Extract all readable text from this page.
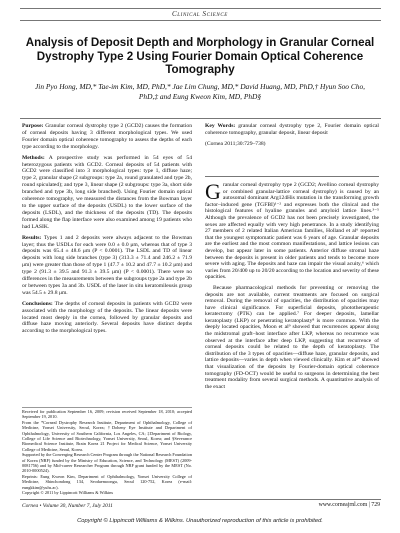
Clinical Science
Analysis of Deposit Depth and Morphology in Granular Corneal Dystrophy Type 2 Using Fourier Domain Optical Coherence Tomography
Jin Pyo Hong, MD,* Tae-im Kim, MD, PhD,* Jae Lim Chung, MD,* David Huang, MD, PhD,† Hyun Soo Cho, PhD,‡ and Eung Kweon Kim, MD, PhD§

Purpose: Granular corneal dystrophy type 2 (GCD2) causes the formation of corneal deposits having 3 different morphological types. We used Fourier domain optical coherence tomography to assess the depths of each type according to the morphology.

Methods: A prospective study was performed in 54 eyes of 54 heterozygous patients with GCD2. Corneal deposits of 54 patients with GCD2 were classified into 3 morphological types: type 1, diffuse haze; type 2, granular shape (2 subgroups: type 2a, round granulated and type 2b, round spiculated); and type 3, linear shape (2 subgroups: type 3a, short side branched and type 3b, long side branched). Using Fourier domain optical coherence tomography, we measured the distances from the Bowman layer to the upper surface of the deposits (USDL) to the lower surface of the deposits (LSDL), and the thickness of the deposits (TD). The deposits formed along the flap interface were also examined among 19 patients who had LASIK.

Results: Types 1 and 2 deposits were always adjacent to the Bowman layer; thus the USDLs for each were 0.0 ± 0.0 μm, whereas that of type 3 deposits was 65.4 ± 48.6 μm (P < 0.0001). The LSDL and TD of linear deposits with long side branches (type 3) (313.3 ± 71.4 and 246.2 ± 71.9 μm) were greater than those of type 1 (47.7 ± 10.2 and 47.7 ± 10.2 μm) and type 2 (91.3 ± 39.5 and 91.3 ± 39.5 μm) (P < 0.0001). There were no differences in the measurements between the subgroups type 2a and type 2b or between types 3a and 3b. USDL of the laser in situ keratomileusis group was 54.5 ± 29.8 μm.

Conclusions: The depths of corneal deposits in patients with GCD2 were associated with the morphology of the deposits. The linear deposits were located most deeply in the cornea, followed by granular deposits and diffuse haze moving anteriorly. Several deposits have distinct depths according to the morphological types.

Received for publication September 16, 2009; revision received September 18, 2010; accepted September 19, 2010.
From the *Corneal Dystrophy Research Institute, Department of Ophthalmology, College of Medicine, Yonsei University, Seoul, Korea; †Doheny Eye Institute and Department of Ophthalmology, University of Southern California, Los Angeles, CA; ‡Department of Biology, College of Life Science and Biotechnology, Yonsei University, Seoul, Korea; and §Severance Biomedical Science Institute, Brain Korea 21 Project for Medical Science, Yonsei University College of Medicine, Seoul, Korea.
Supported by the Converging Research Center Program through the National Research Foundation of Korea (NRF) funded by the Ministry of Education, Science, and Technology (MEST) (2009-0081756) and by Mid-career Researcher Program through NRF grant funded by the MEST (No. 2010-0000524).
Reprints: Eung Kweon Kim, Department of Ophthalmology, Yonsei University College of Medicine, Shinchondong 134, Seodaemoongu, Seoul 120-752, Korea (e-mail: eungkkim@yuhs.ac).
Copyright © 2011 by Lippincott Williams & Wilkins

Key Words: granular corneal dystrophy type 2, Fourier domain optical coherence tomography, granular deposit, linear deposit

(Cornea 2011;30:729–738)

Granular corneal dystrophy type 2 (GCD2; Avellino corneal dystrophy or combined granular-lattice corneal dystrophy) is caused by an autosomal dominant Arg124His mutation in the transforming growth factor–induced gene (TGFBI)¹⁻² and expresses both the clinical and the histological features of hyaline granules and amyloid lattice lines.³⁻⁵ Although the prevalence of GCD2 has not been precisely investigated, the sexes are affected equally with very high penetrance. In a study identifying 27 members of 2 related Italian American families, Holland et al⁶ reported that the youngest symptomatic patient was 6 years of age. Granular deposits are the earliest and the most common manifestations, and lattice lesions can develop, but appear later in some patients. Anterior diffuse stromal haze between the deposits is present in older patients and tends to become more severe with aging. The deposits and haze can impair the visual acuity,⁶ which varies from 20/400 up to 20/20 according to the location and severity of these opacities.

Because pharmacological methods for preventing or removing the deposits are not available, current treatments are focused on surgical removal. During the removal of opacities, the distribution of opacities may have clinical significance. For superficial deposits, phototherapeutic keratectomy (PTK) can be applied.⁷ For deeper deposits, lamellar keratoplasty (LKP) or penetrating keratoplasty⁸ is more common. With the deeply located opacities, Moon et al⁹ showed that recurrences appear along the midstromal graft–host interface after LKP, whereas no recurrence was observed at the interface after deep LKP, suggesting that recurrence of corneal deposits could be related to the depth of keratoplasty. The distribution of the 3 types of opacities—diffuse haze, granular deposits, and lattice deposits—varies in depth when viewed clinically. Kim et al¹⁰ showed that visualization of the deposits by Fourier-domain optical coherence tomography (FD-OCT) would be useful to surgeons in determining the best treatment modality from several surgical methods. A quantitative analysis of the exact

Cornea • Volume 30, Number 7, July 2011	www.corneajrnl.com | 729
Copyright © Lippincott Williams & Wilkins. Unauthorized reproduction of this article is prohibited.
